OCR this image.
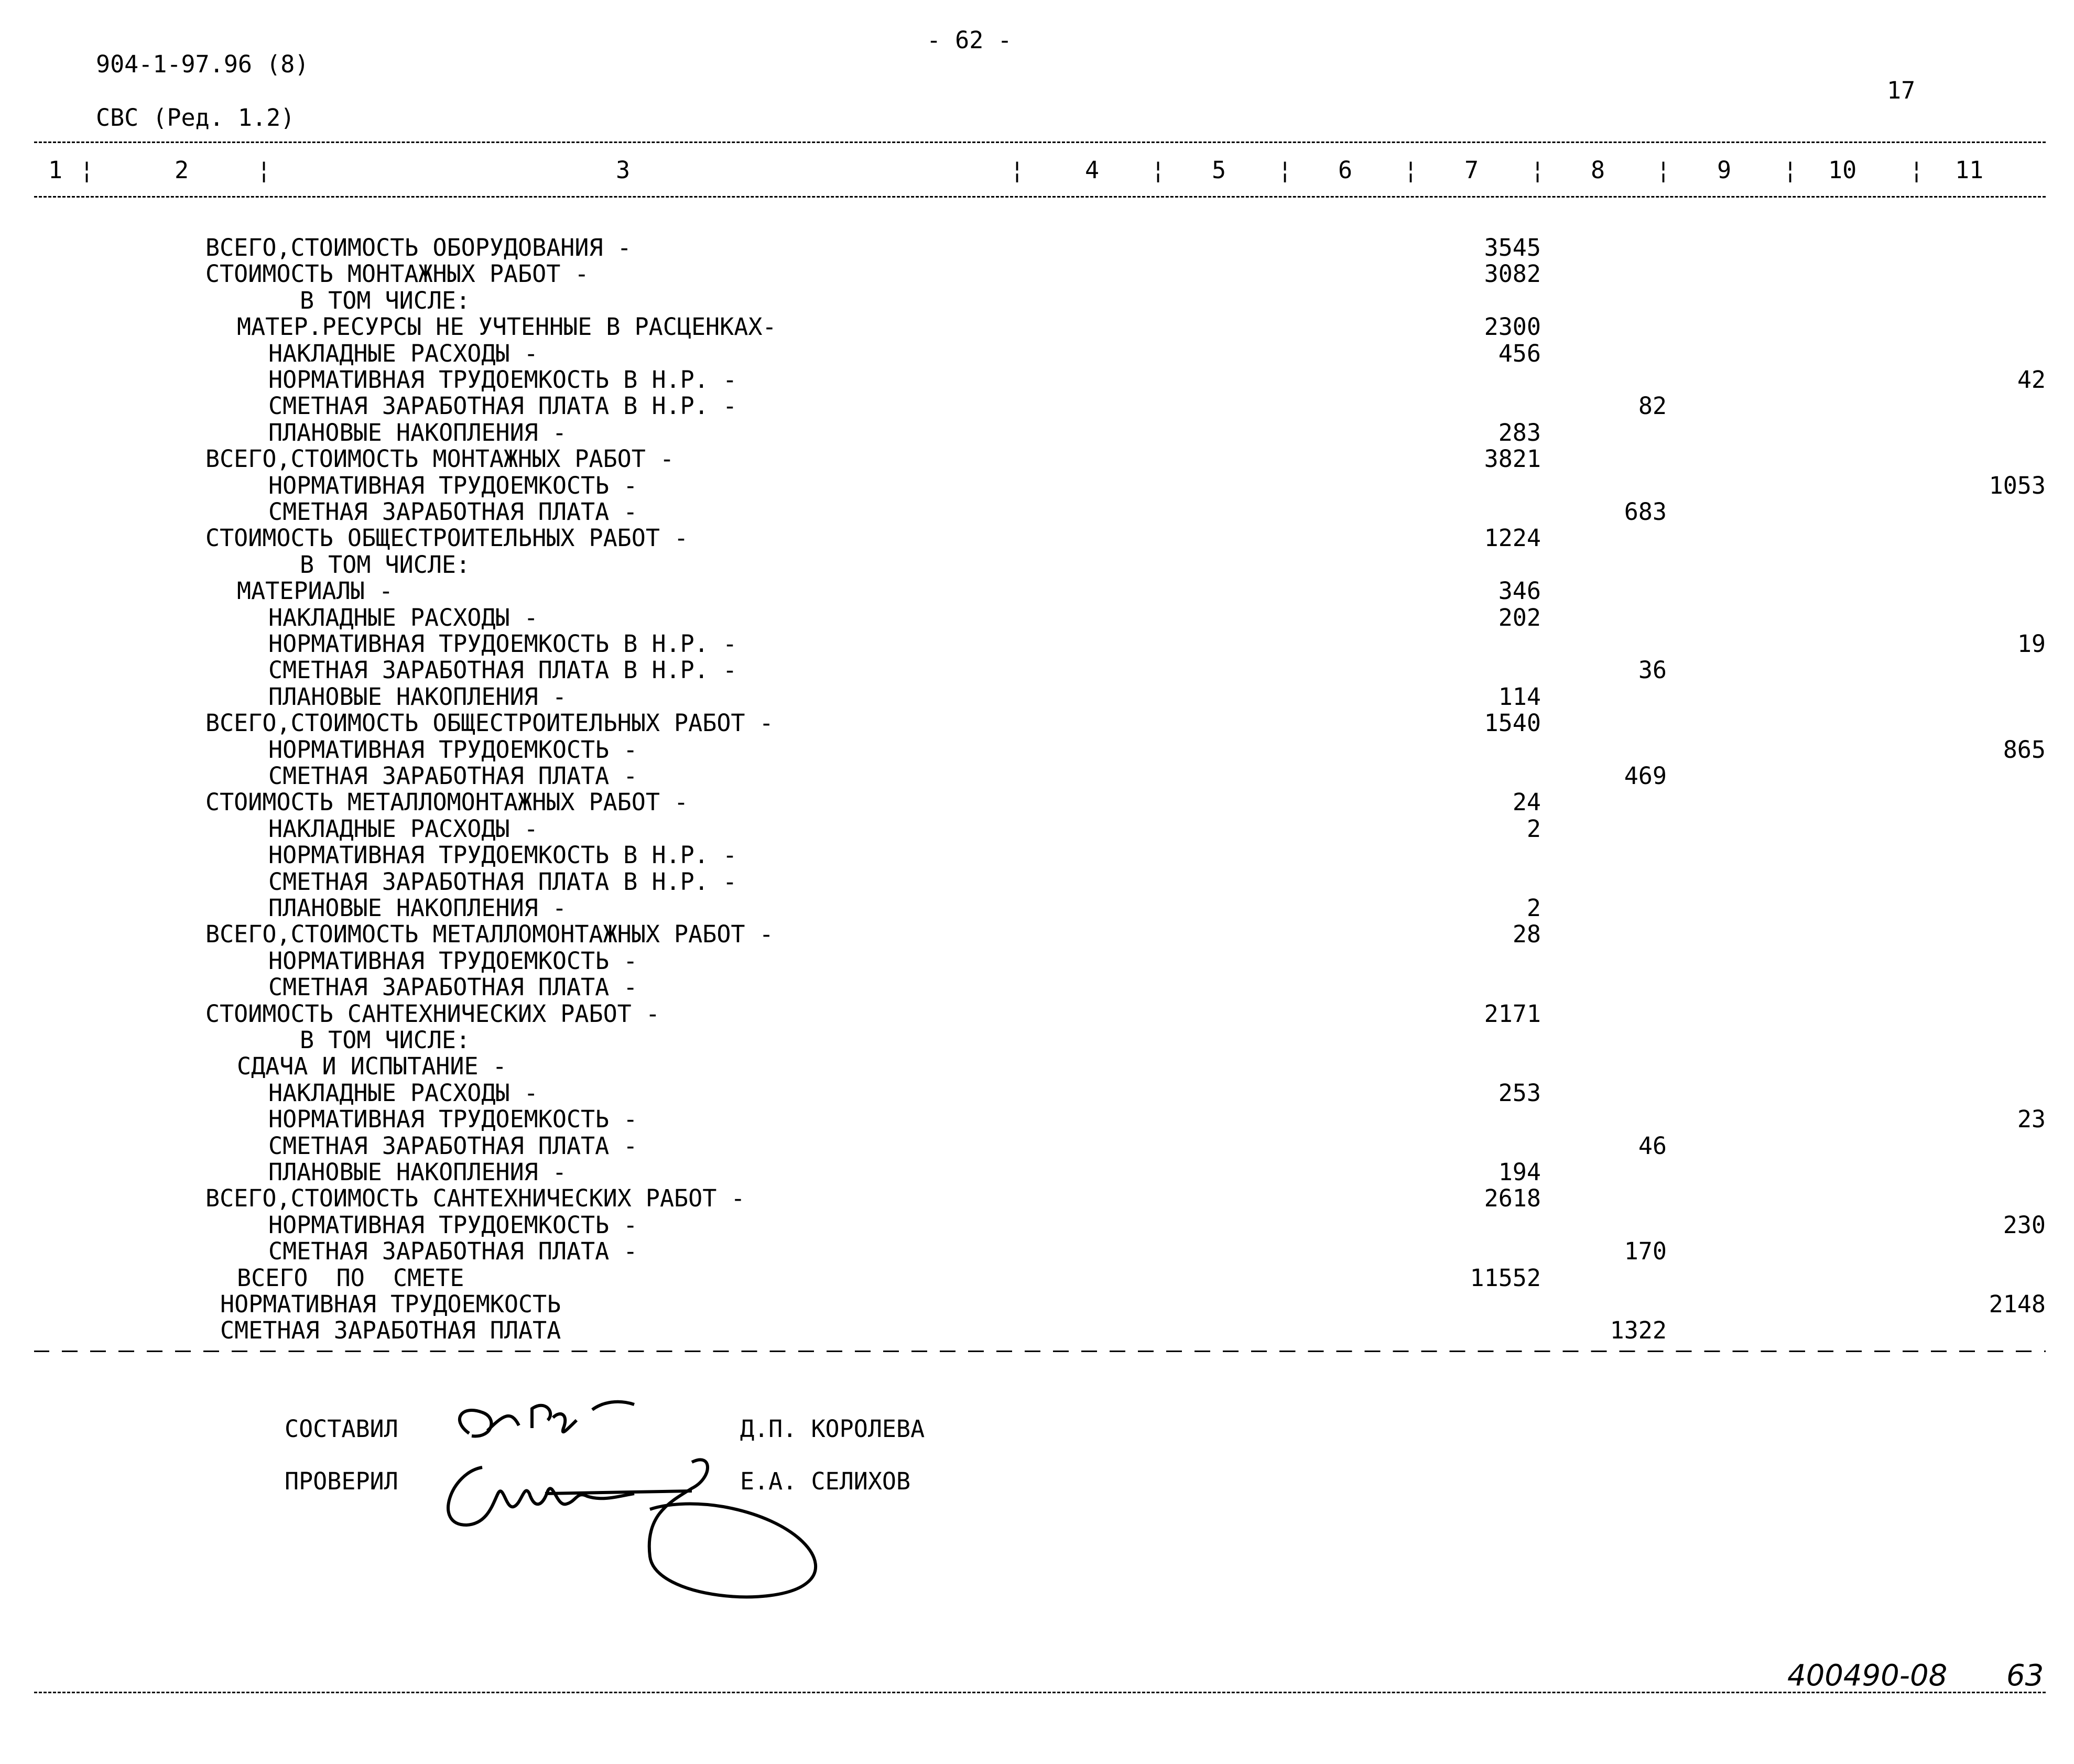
904-1-97.96 (8)
- 62 -
17
СВС (Ред. 1.2)
1 ¦	2	¦	3	¦	4 ¦ 5 ¦ 6 ¦ 7 ¦ 8 ¦ 9 ¦ 10 ¦ 11
ВСЕГО,СТОИМОСТЬ ОБОРУДОВАНИЯ -	3545
СТОИМОСТЬ МОНТАЖНЫХ РАБОТ -	3082
В ТОМ ЧИСЛЕ:
МАТЕР.РЕСУРСЫ НЕ УЧТЕННЫЕ В РАСЦЕНКАХ-	2300
НАКЛАДНЫЕ РАСХОДЫ -	456
НОРМАТИВНАЯ ТРУДОЕМКОСТЬ В Н.Р. -	42
СМЕТНАЯ ЗАРАБОТНАЯ ПЛАТА В Н.Р. -	82
ПЛАНОВЫЕ НАКОПЛЕНИЯ -	283
ВСЕГО,СТОИМОСТЬ МОНТАЖНЫХ РАБОТ -	3821
НОРМАТИВНАЯ ТРУДОЕМКОСТЬ -	1053
СМЕТНАЯ ЗАРАБОТНАЯ ПЛАТА -	683
СТОИМОСТЬ ОБЩЕСТРОИТЕЛЬНЫХ РАБОТ -	1224
В ТОМ ЧИСЛЕ:
МАТЕРИАЛЫ -	346
НАКЛАДНЫЕ РАСХОДЫ -	202
НОРМАТИВНАЯ ТРУДОЕМКОСТЬ В Н.Р. -	19
СМЕТНАЯ ЗАРАБОТНАЯ ПЛАТА В Н.Р. -	36
ПЛАНОВЫЕ НАКОПЛЕНИЯ -	114
ВСЕГО,СТОИМОСТЬ ОБЩЕСТРОИТЕЛЬНЫХ РАБОТ -	1540
НОРМАТИВНАЯ ТРУДОЕМКОСТЬ -	865
СМЕТНАЯ ЗАРАБОТНАЯ ПЛАТА -	469
СТОИМОСТЬ МЕТАЛЛОМОНТАЖНЫХ РАБОТ -	24
НАКЛАДНЫЕ РАСХОДЫ -	2
НОРМАТИВНАЯ ТРУДОЕМКОСТЬ В Н.Р. -
СМЕТНАЯ ЗАРАБОТНАЯ ПЛАТА В Н.Р. -
ПЛАНОВЫЕ НАКОПЛЕНИЯ -	2
ВСЕГО,СТОИМОСТЬ МЕТАЛЛОМОНТАЖНЫХ РАБОТ -	28
НОРМАТИВНАЯ ТРУДОЕМКОСТЬ -
СМЕТНАЯ ЗАРАБОТНАЯ ПЛАТА -
СТОИМОСТЬ САНТЕХНИЧЕСКИХ РАБОТ -	2171
В ТОМ ЧИСЛЕ:
СДАЧА И ИСПЫТАНИЕ -
НАКЛАДНЫЕ РАСХОДЫ -	253
НОРМАТИВНАЯ ТРУДОЕМКОСТЬ -	23
СМЕТНАЯ ЗАРАБОТНАЯ ПЛАТА -	46
ПЛАНОВЫЕ НАКОПЛЕНИЯ -	194
ВСЕГО,СТОИМОСТЬ САНТЕХНИЧЕСКИХ РАБОТ -	2618
НОРМАТИВНАЯ ТРУДОЕМКОСТЬ -	230
СМЕТНАЯ ЗАРАБОТНАЯ ПЛАТА -	170
ВСЕГО  ПО  СМЕТЕ	11552
НОРМАТИВНАЯ ТРУДОЕМКОСТЬ	2148
СМЕТНАЯ ЗАРАБОТНАЯ ПЛАТА	1322
СОСТАВИЛ	Д.П. КОРОЛЕВА
ПРОВЕРИЛ	Е.А. СЕЛИХОВ
400490-08 63
